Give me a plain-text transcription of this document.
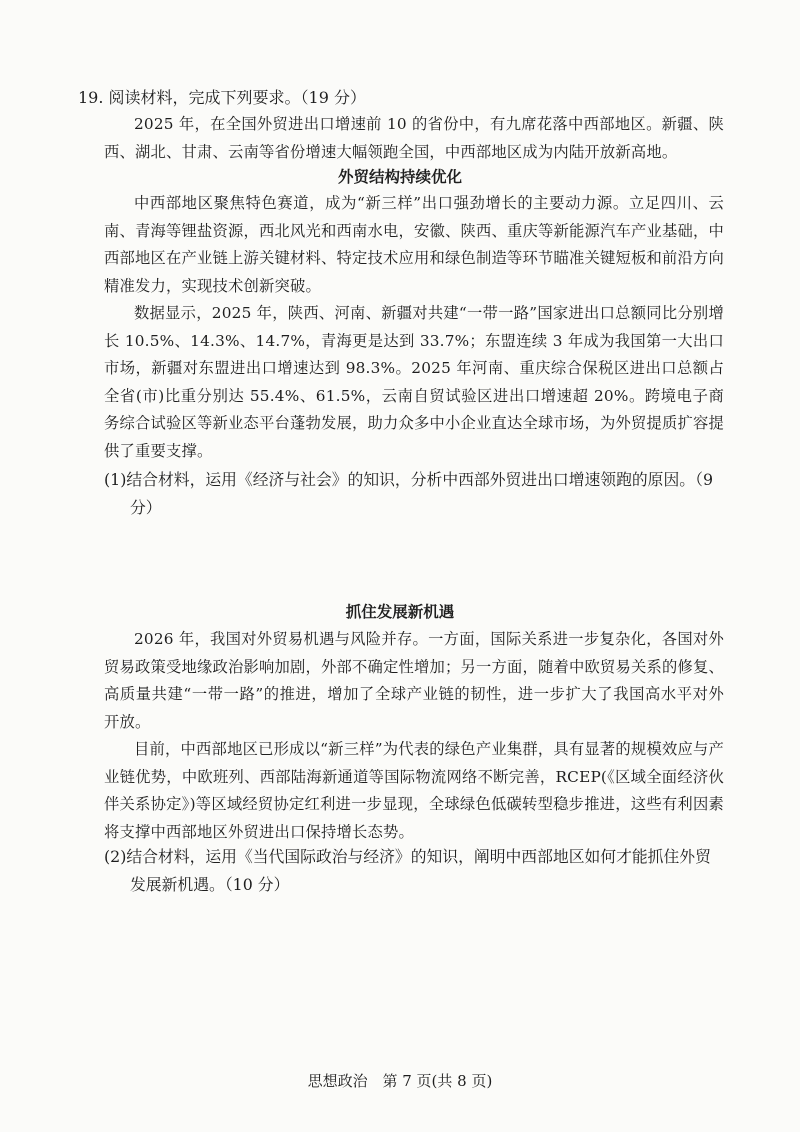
19. 阅读材料，完成下列要求。（19 分）

2025 年，在全国外贸进出口增速前 10 的省份中，有九席花落中西部地区。新疆、陕西、湖北、甘肃、云南等省份增速大幅领跑全国，中西部地区成为内陆开放新高地。

外贸结构持续优化

中西部地区聚焦特色赛道，成为“新三样”出口强劲增长的主要动力源。立足四川、云南、青海等锂盐资源，西北风光和西南水电，安徽、陕西、重庆等新能源汽车产业基础，中西部地区在产业链上游关键材料、特定技术应用和绿色制造等环节瞄准关键短板和前沿方向精准发力，实现技术创新突破。

数据显示，2025 年，陕西、河南、新疆对共建“一带一路”国家进出口总额同比分别增长 10.5%、14.3%、14.7%，青海更是达到 33.7%；东盟连续 3 年成为我国第一大出口市场，新疆对东盟进出口增速达到 98.3%。2025 年河南、重庆综合保税区进出口总额占全省(市)比重分别达 55.4%、61.5%，云南自贸试验区进出口增速超 20%。跨境电子商务综合试验区等新业态平台蓬勃发展，助力众多中小企业直达全球市场，为外贸提质扩容提供了重要支撑。

(1)结合材料，运用《经济与社会》的知识，分析中西部外贸进出口增速领跑的原因。（9 分）

抓住发展新机遇

2026 年，我国对外贸易机遇与风险并存。一方面，国际关系进一步复杂化，各国对外贸易政策受地缘政治影响加剧，外部不确定性增加；另一方面，随着中欧贸易关系的修复、高质量共建“一带一路”的推进，增加了全球产业链的韧性，进一步扩大了我国高水平对外开放。

目前，中西部地区已形成以“新三样”为代表的绿色产业集群，具有显著的规模效应与产业链优势，中欧班列、西部陆海新通道等国际物流网络不断完善，RCEP(《区域全面经济伙伴关系协定》)等区域经贸协定红利进一步显现，全球绿色低碳转型稳步推进，这些有利因素将支撑中西部地区外贸进出口保持增长态势。

(2)结合材料，运用《当代国际政治与经济》的知识，阐明中西部地区如何才能抓住外贸发展新机遇。（10 分）

思想政治 第 7 页(共 8 页)
